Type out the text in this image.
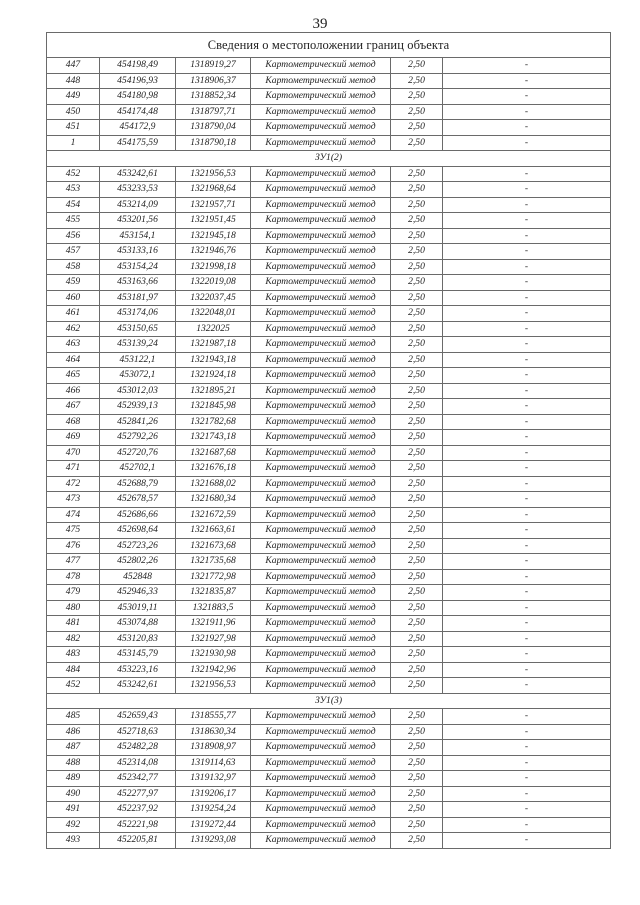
39
Сведения о местоположении границ объекта					
447	454198,49	1318919,27	Картометрический метод	2,50	-
448	454196,93	1318906,37	Картометрический метод	2,50	-
449	454180,98	1318852,34	Картометрический метод	2,50	-
450	454174,48	1318797,71	Картометрический метод	2,50	-
451	454172,9	1318790,04	Картометрический метод	2,50	-
1	454175,59	1318790,18	Картометрический метод	2,50	-
ЗУ1(2)					
452	453242,61	1321956,53	Картометрический метод	2,50	-
453	453233,53	1321968,64	Картометрический метод	2,50	-
454	453214,09	1321957,71	Картометрический метод	2,50	-
455	453201,56	1321951,45	Картометрический метод	2,50	-
456	453154,1	1321945,18	Картометрический метод	2,50	-
457	453133,16	1321946,76	Картометрический метод	2,50	-
458	453154,24	1321998,18	Картометрический метод	2,50	-
459	453163,66	1322019,08	Картометрический метод	2,50	-
460	453181,97	1322037,45	Картометрический метод	2,50	-
461	453174,06	1322048,01	Картометрический метод	2,50	-
462	453150,65	1322025	Картометрический метод	2,50	-
463	453139,24	1321987,18	Картометрический метод	2,50	-
464	453122,1	1321943,18	Картометрический метод	2,50	-
465	453072,1	1321924,18	Картометрический метод	2,50	-
466	453012,03	1321895,21	Картометрический метод	2,50	-
467	452939,13	1321845,98	Картометрический метод	2,50	-
468	452841,26	1321782,68	Картометрический метод	2,50	-
469	452792,26	1321743,18	Картометрический метод	2,50	-
470	452720,76	1321687,68	Картометрический метод	2,50	-
471	452702,1	1321676,18	Картометрический метод	2,50	-
472	452688,79	1321688,02	Картометрический метод	2,50	-
473	452678,57	1321680,34	Картометрический метод	2,50	-
474	452686,66	1321672,59	Картометрический метод	2,50	-
475	452698,64	1321663,61	Картометрический метод	2,50	-
476	452723,26	1321673,68	Картометрический метод	2,50	-
477	452802,26	1321735,68	Картометрический метод	2,50	-
478	452848	1321772,98	Картометрический метод	2,50	-
479	452946,33	1321835,87	Картометрический метод	2,50	-
480	453019,11	1321883,5	Картометрический метод	2,50	-
481	453074,88	1321911,96	Картометрический метод	2,50	-
482	453120,83	1321927,98	Картометрический метод	2,50	-
483	453145,79	1321930,98	Картометрический метод	2,50	-
484	453223,16	1321942,96	Картометрический метод	2,50	-
452	453242,61	1321956,53	Картометрический метод	2,50	-
ЗУ1(3)					
485	452659,43	1318555,77	Картометрический метод	2,50	-
486	452718,63	1318630,34	Картометрический метод	2,50	-
487	452482,28	1318908,97	Картометрический метод	2,50	-
488	452314,08	1319114,63	Картометрический метод	2,50	-
489	452342,77	1319132,97	Картометрический метод	2,50	-
490	452277,97	1319206,17	Картометрический метод	2,50	-
491	452237,92	1319254,24	Картометрический метод	2,50	-
492	452221,98	1319272,44	Картометрический метод	2,50	-
493	452205,81	1319293,08	Картометрический метод	2,50	-
